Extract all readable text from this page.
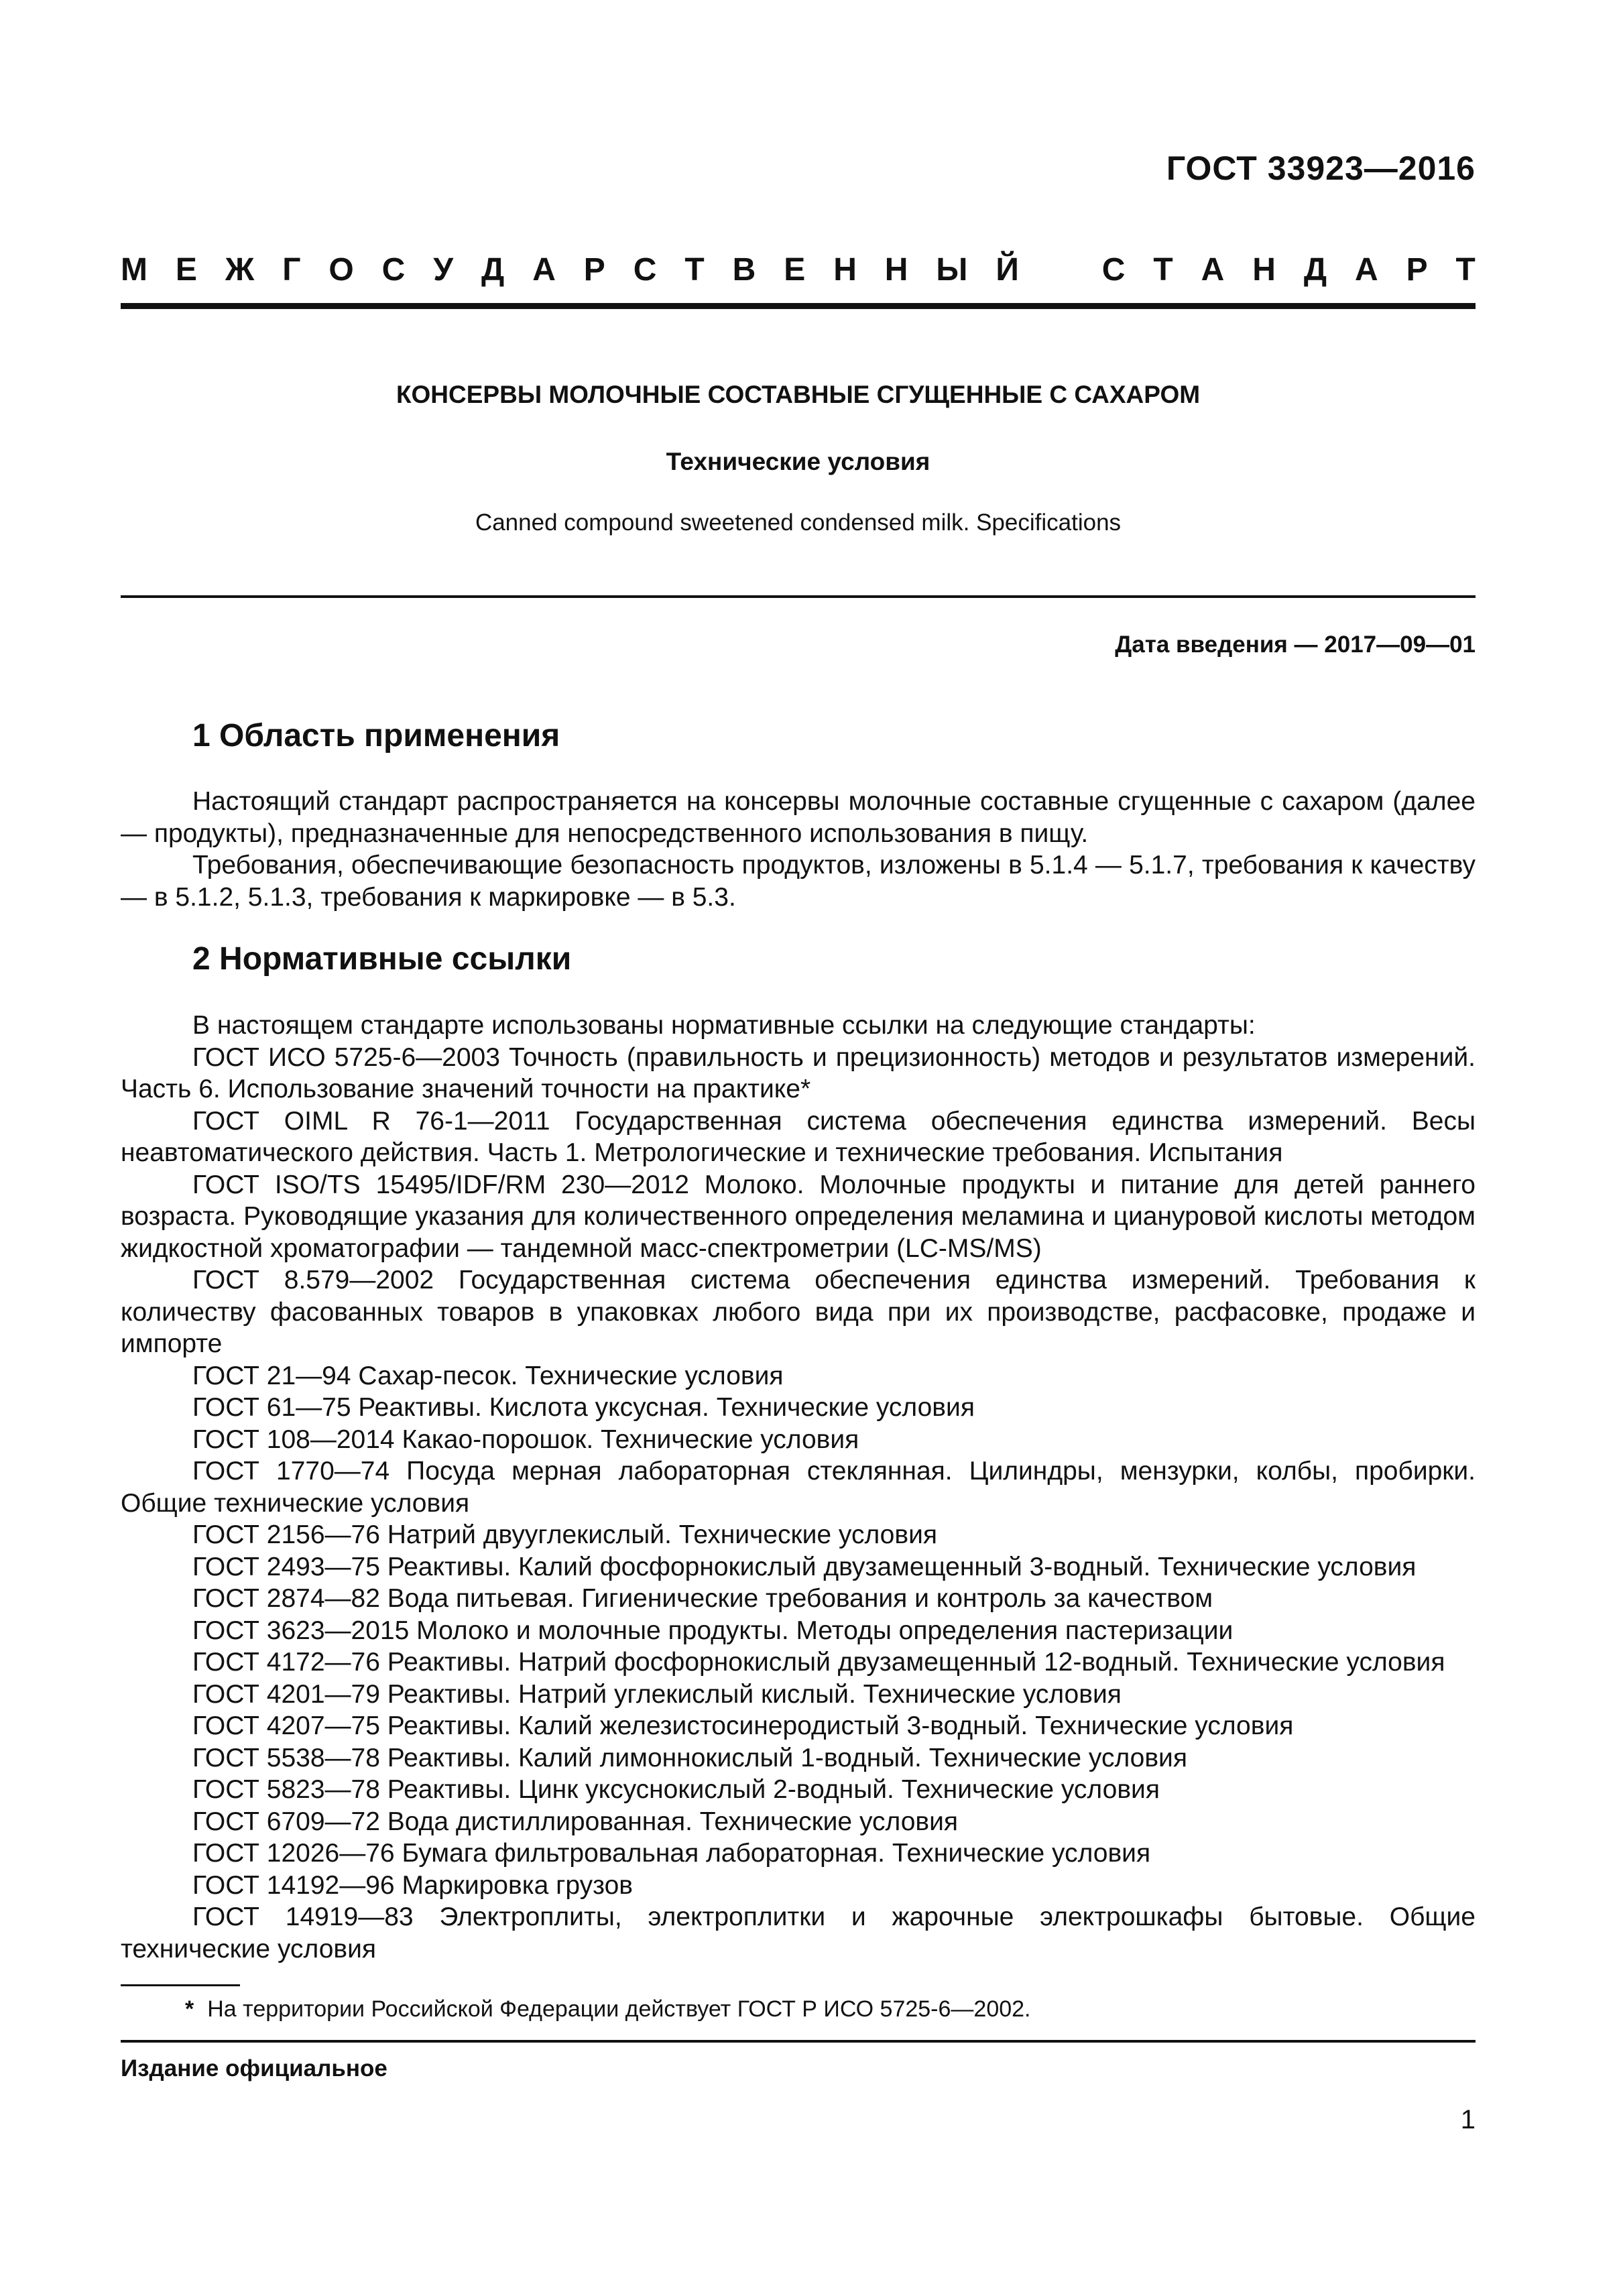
ГОСТ 33923—2016
М Е Ж Г О С У Д А Р С Т В Е Н Н Ы Й	С Т А Н Д А Р Т
КОНСЕРВЫ МОЛОЧНЫЕ СОСТАВНЫЕ СГУЩЕННЫЕ С САХАРОМ
Технические условия
Canned compound sweetened condensed milk. Specifications
Дата введения — 2017—09—01
1 Область применения

Настоящий стандарт распространяется на консервы молочные составные сгущенные с сахаром (далее — продукты), предназначенные для непосредственного использования в пищу.

Требования, обеспечивающие безопасность продуктов, изложены в 5.1.4 — 5.1.7, требования к качеству — в 5.1.2, 5.1.3, требования к маркировке — в 5.3.

2 Нормативные ссылки

В настоящем стандарте использованы нормативные ссылки на следующие стандарты:

ГОСТ ИСО 5725-6—2003 Точность (правильность и прецизионность) методов и результатов измерений. Часть 6. Использование значений точности на практике*

ГОСТ OIML R 76-1—2011 Государственная система обеспечения единства измерений. Весы неавтоматического действия. Часть 1. Метрологические и технические требования. Испытания

ГОСТ ISO/TS 15495/IDF/RM 230—2012 Молоко. Молочные продукты и питание для детей раннего возраста. Руководящие указания для количественного определения меламина и циануровой кислоты методом жидкостной хроматографии — тандемной масс-спектрометрии (LC-MS/MS)

ГОСТ 8.579—2002 Государственная система обеспечения единства измерений. Требования к количеству фасованных товаров в упаковках любого вида при их производстве, расфасовке, продаже и импорте

ГОСТ 21—94 Сахар-песок. Технические условия

ГОСТ 61—75 Реактивы. Кислота уксусная. Технические условия

ГОСТ 108—2014 Какао-порошок. Технические условия

ГОСТ 1770—74 Посуда мерная лабораторная стеклянная. Цилиндры, мензурки, колбы, пробирки. Общие технические условия

ГОСТ 2156—76 Натрий двууглекислый. Технические условия

ГОСТ 2493—75 Реактивы. Калий фосфорнокислый двузамещенный 3-водный. Технические условия

ГОСТ 2874—82 Вода питьевая. Гигиенические требования и контроль за качеством

ГОСТ 3623—2015 Молоко и молочные продукты. Методы определения пастеризации

ГОСТ 4172—76 Реактивы. Натрий фосфорнокислый двузамещенный 12-водный. Технические условия

ГОСТ 4201—79 Реактивы. Натрий углекислый кислый. Технические условия

ГОСТ 4207—75 Реактивы. Калий железистосинеродистый 3-водный. Технические условия

ГОСТ 5538—78 Реактивы. Калий лимоннокислый 1-водный. Технические условия

ГОСТ 5823—78 Реактивы. Цинк уксуснокислый 2-водный. Технические условия

ГОСТ 6709—72 Вода дистиллированная. Технические условия

ГОСТ 12026—76 Бумага фильтровальная лабораторная. Технические условия

ГОСТ 14192—96 Маркировка грузов

ГОСТ 14919—83 Электроплиты, электроплитки и жарочные электрошкафы бытовые. Общие технические условия

* На территории Российской Федерации действует ГОСТ Р ИСО 5725-6—2002.
Издание официальное
1
